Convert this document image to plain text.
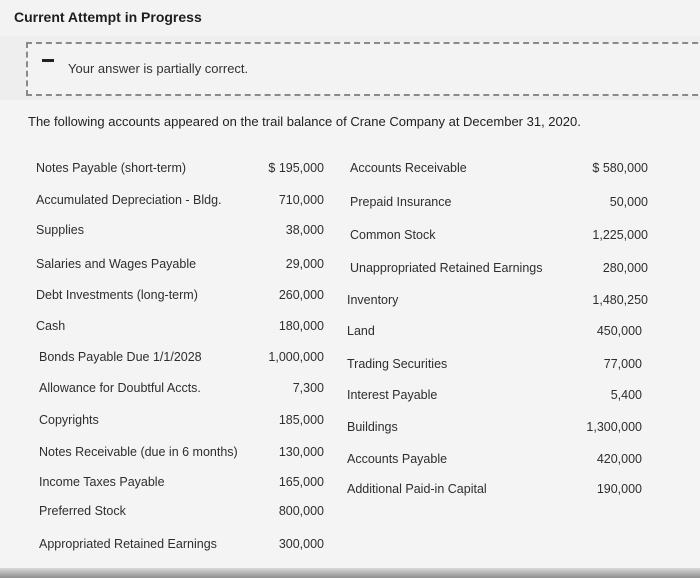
Current Attempt in Progress
Your answer is partially correct.
The following accounts appeared on the trail balance of Crane Company at December 31, 2020.
Notes Payable (short-term)	$ 195,000
Accumulated Depreciation - Bldg.	710,000
Supplies	38,000
Salaries and Wages Payable	29,000
Debt Investments (long-term)	260,000
Cash	180,000
Bonds Payable Due 1/1/2028	1,000,000
Allowance for Doubtful Accts.	7,300
Copyrights	185,000
Notes Receivable (due in 6 months)	130,000
Income Taxes Payable	165,000
Preferred Stock	800,000
Appropriated Retained Earnings	300,000
Accounts Receivable	$ 580,000
Prepaid Insurance	50,000
Common Stock	1,225,000
Unappropriated Retained Earnings	280,000
Inventory	1,480,250
Land	450,000
Trading Securities	77,000
Interest Payable	5,400
Buildings	1,300,000
Accounts Payable	420,000
Additional Paid-in Capital	190,000
